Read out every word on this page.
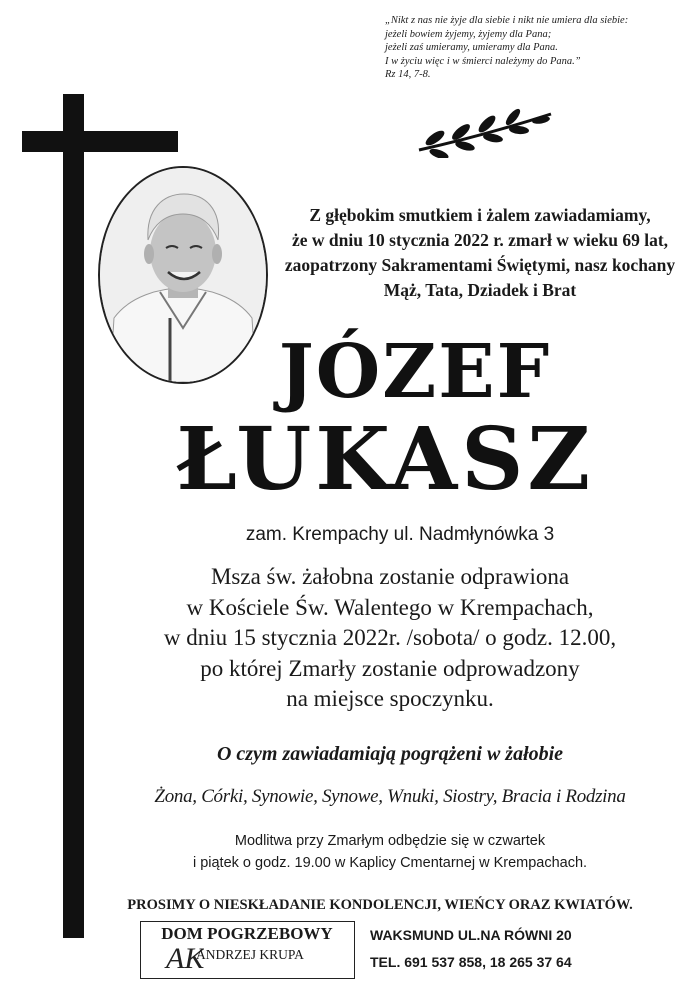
„Nikt z nas nie żyje dla siebie i nikt nie umiera dla siebie:
jeżeli bowiem żyjemy, żyjemy dla Pana;
jeżeli zaś umieramy, umieramy dla Pana.
I w życiu więc i w śmierci należymy do Pana.”
Rz 14, 7-8.
Z głębokim smutkiem i żalem zawiadamiamy,
że w dniu 10 stycznia 2022 r. zmarł w wieku 69 lat,
zaopatrzony Sakramentami Świętymi, nasz kochany
Mąż, Tata, Dziadek i Brat
JÓZEF
ŁUKASZ
zam. Krempachy ul. Nadmłynówka 3
Msza św. żałobna zostanie odprawiona
w Kościele Św. Walentego w Krempachach,
w dniu 15 stycznia 2022r. /sobota/ o godz. 12.00,
po której Zmarły zostanie odprowadzony
na miejsce spoczynku.
O czym zawiadamiają pogrążeni w żałobie
Żona, Córki, Synowie, Synowe, Wnuki, Siostry, Bracia i Rodzina
Modlitwa przy Zmarłym odbędzie się w czwartek
i piątek o godz. 19.00 w Kaplicy Cmentarnej w Krempachach.
PROSIMY O NIESKŁADANIE KONDOLENCJI, WIEŃCY ORAZ KWIATÓW.
DOM POGRZEBOWY
AK
ANDRZEJ KRUPA
WAKSMUND UL.NA RÓWNI 20
TEL. 691 537 858, 18 265 37 64
